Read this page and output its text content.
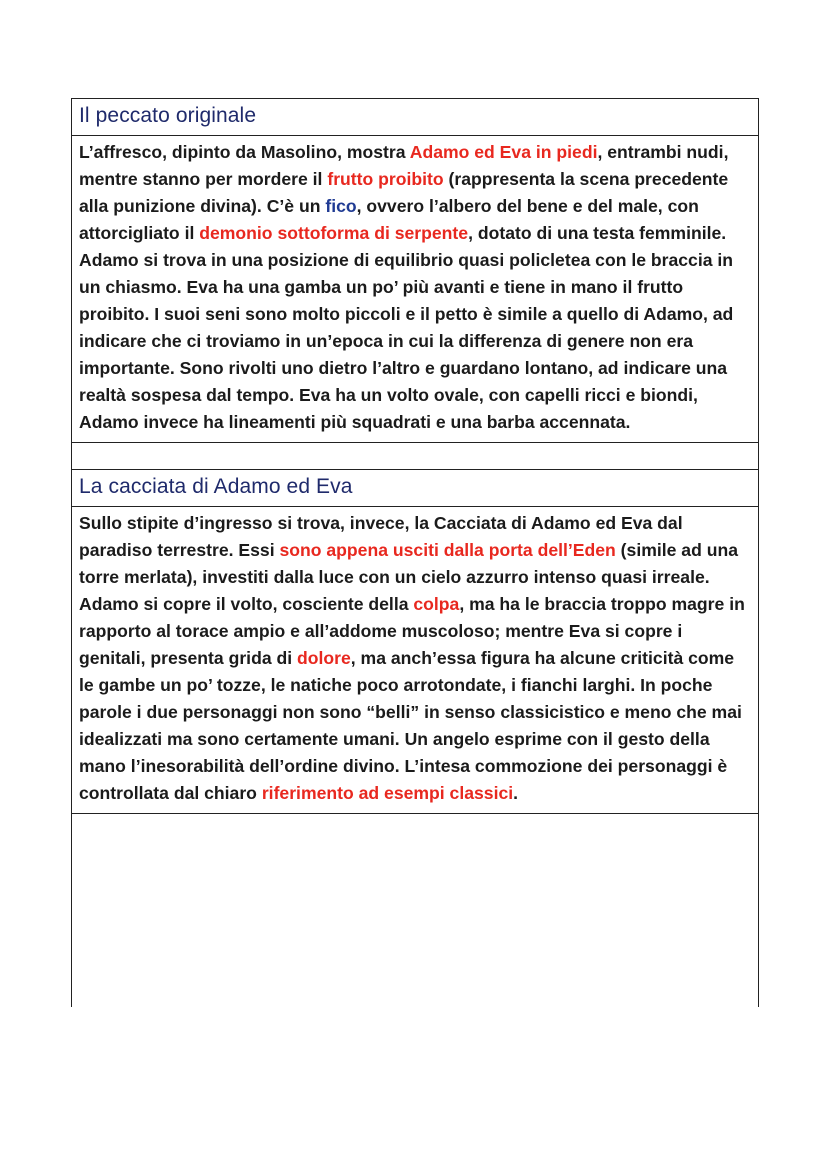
Il peccato originale

L’affresco, dipinto da Masolino, mostra Adamo ed Eva in piedi, entrambi nudi, mentre stanno per mordere il frutto proibito (rappresenta la scena precedente alla punizione divina). C’è un fico, ovvero l’albero del bene e del male, con attorcigliato il demonio sottoforma di serpente, dotato di una testa femminile. Adamo si trova in una posizione di equilibrio quasi policletea con le braccia in un chiasmo. Eva ha una gamba un po’ più avanti e tiene in mano il frutto proibito. I suoi seni sono molto piccoli e il petto è simile a quello di Adamo, ad indicare che ci troviamo in un’epoca in cui la differenza di genere non era importante. Sono rivolti uno dietro l’altro e guardano lontano, ad indicare una realtà sospesa dal tempo. Eva ha un volto ovale, con capelli ricci e biondi, Adamo invece ha lineamenti più squadrati e una barba accennata.

La cacciata di Adamo ed Eva

Sullo stipite d’ingresso si trova, invece, la Cacciata di Adamo ed Eva dal paradiso terrestre. Essi sono appena usciti dalla porta dell’Eden (simile ad una torre merlata), investiti dalla luce con un cielo azzurro intenso quasi irreale. Adamo si copre il volto, cosciente della colpa, ma ha le braccia troppo magre in rapporto al torace ampio e all’addome muscoloso; mentre Eva si copre i genitali, presenta grida di dolore, ma anch’essa figura ha alcune criticità come le gambe un po’ tozze, le natiche poco arrotondate, i fianchi larghi. In poche parole i due personaggi non sono “belli” in senso classicistico e meno che mai idealizzati ma sono certamente umani. Un angelo esprime con il gesto della mano l’inesorabilità dell’ordine divino. L’intesa commozione dei personaggi è controllata dal chiaro riferimento ad esempi classici.
